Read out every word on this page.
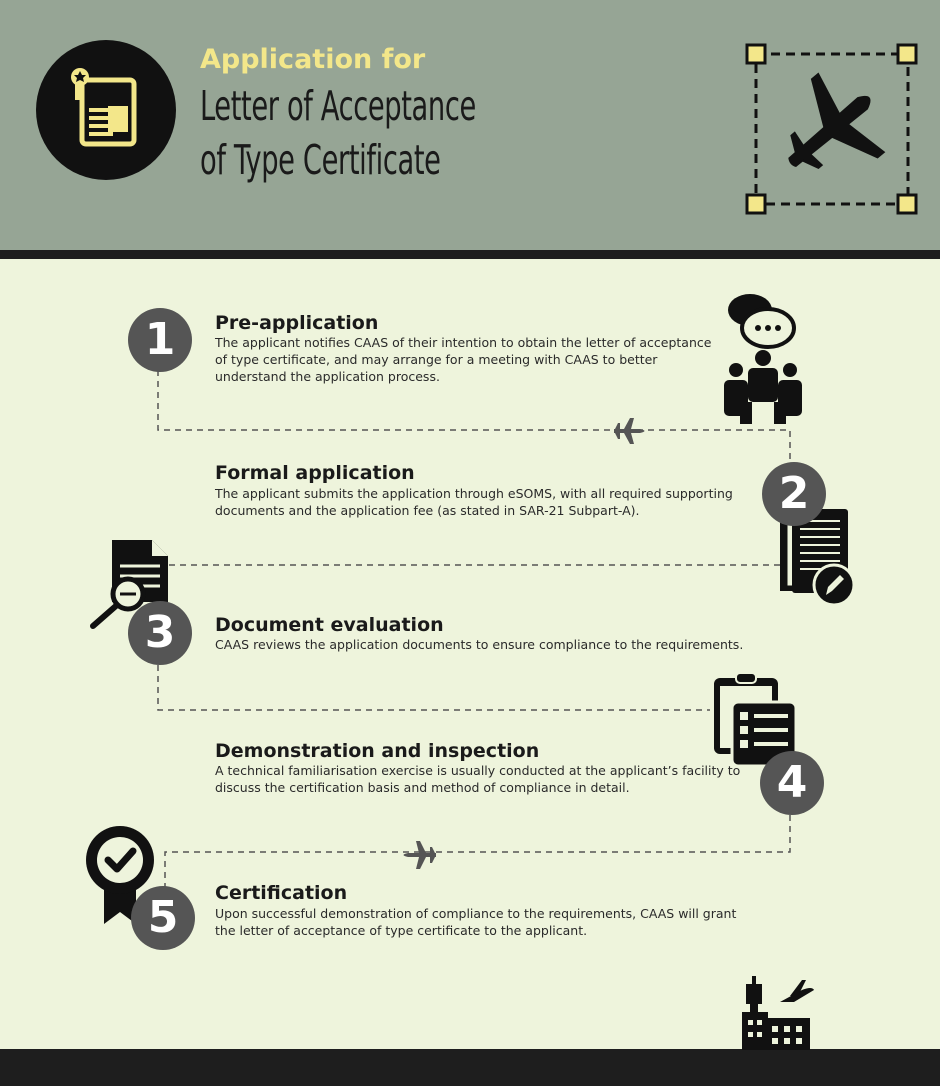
Application for
Letter of Acceptance
of Type Certificate
1	Pre-application
The applicant notifies CAAS of their intention to obtain the letter of acceptance of type certificate, and may arrange for a meeting with CAAS to better understand the application process.
Formal application
The applicant submits the application through eSOMS, with all required supporting documents and the application fee (as stated in SAR-21 Subpart-A).	2
3	Document evaluation
CAAS reviews the application documents to ensure compliance to the requirements.
4
Demonstration and inspection
A technical familiarisation exercise is usually conducted at the applicant’s facility to discuss the certification basis and method of compliance in detail.
5	Certification
Upon successful demonstration of compliance to the requirements, CAAS will grant the letter of acceptance of type certificate to the applicant.
